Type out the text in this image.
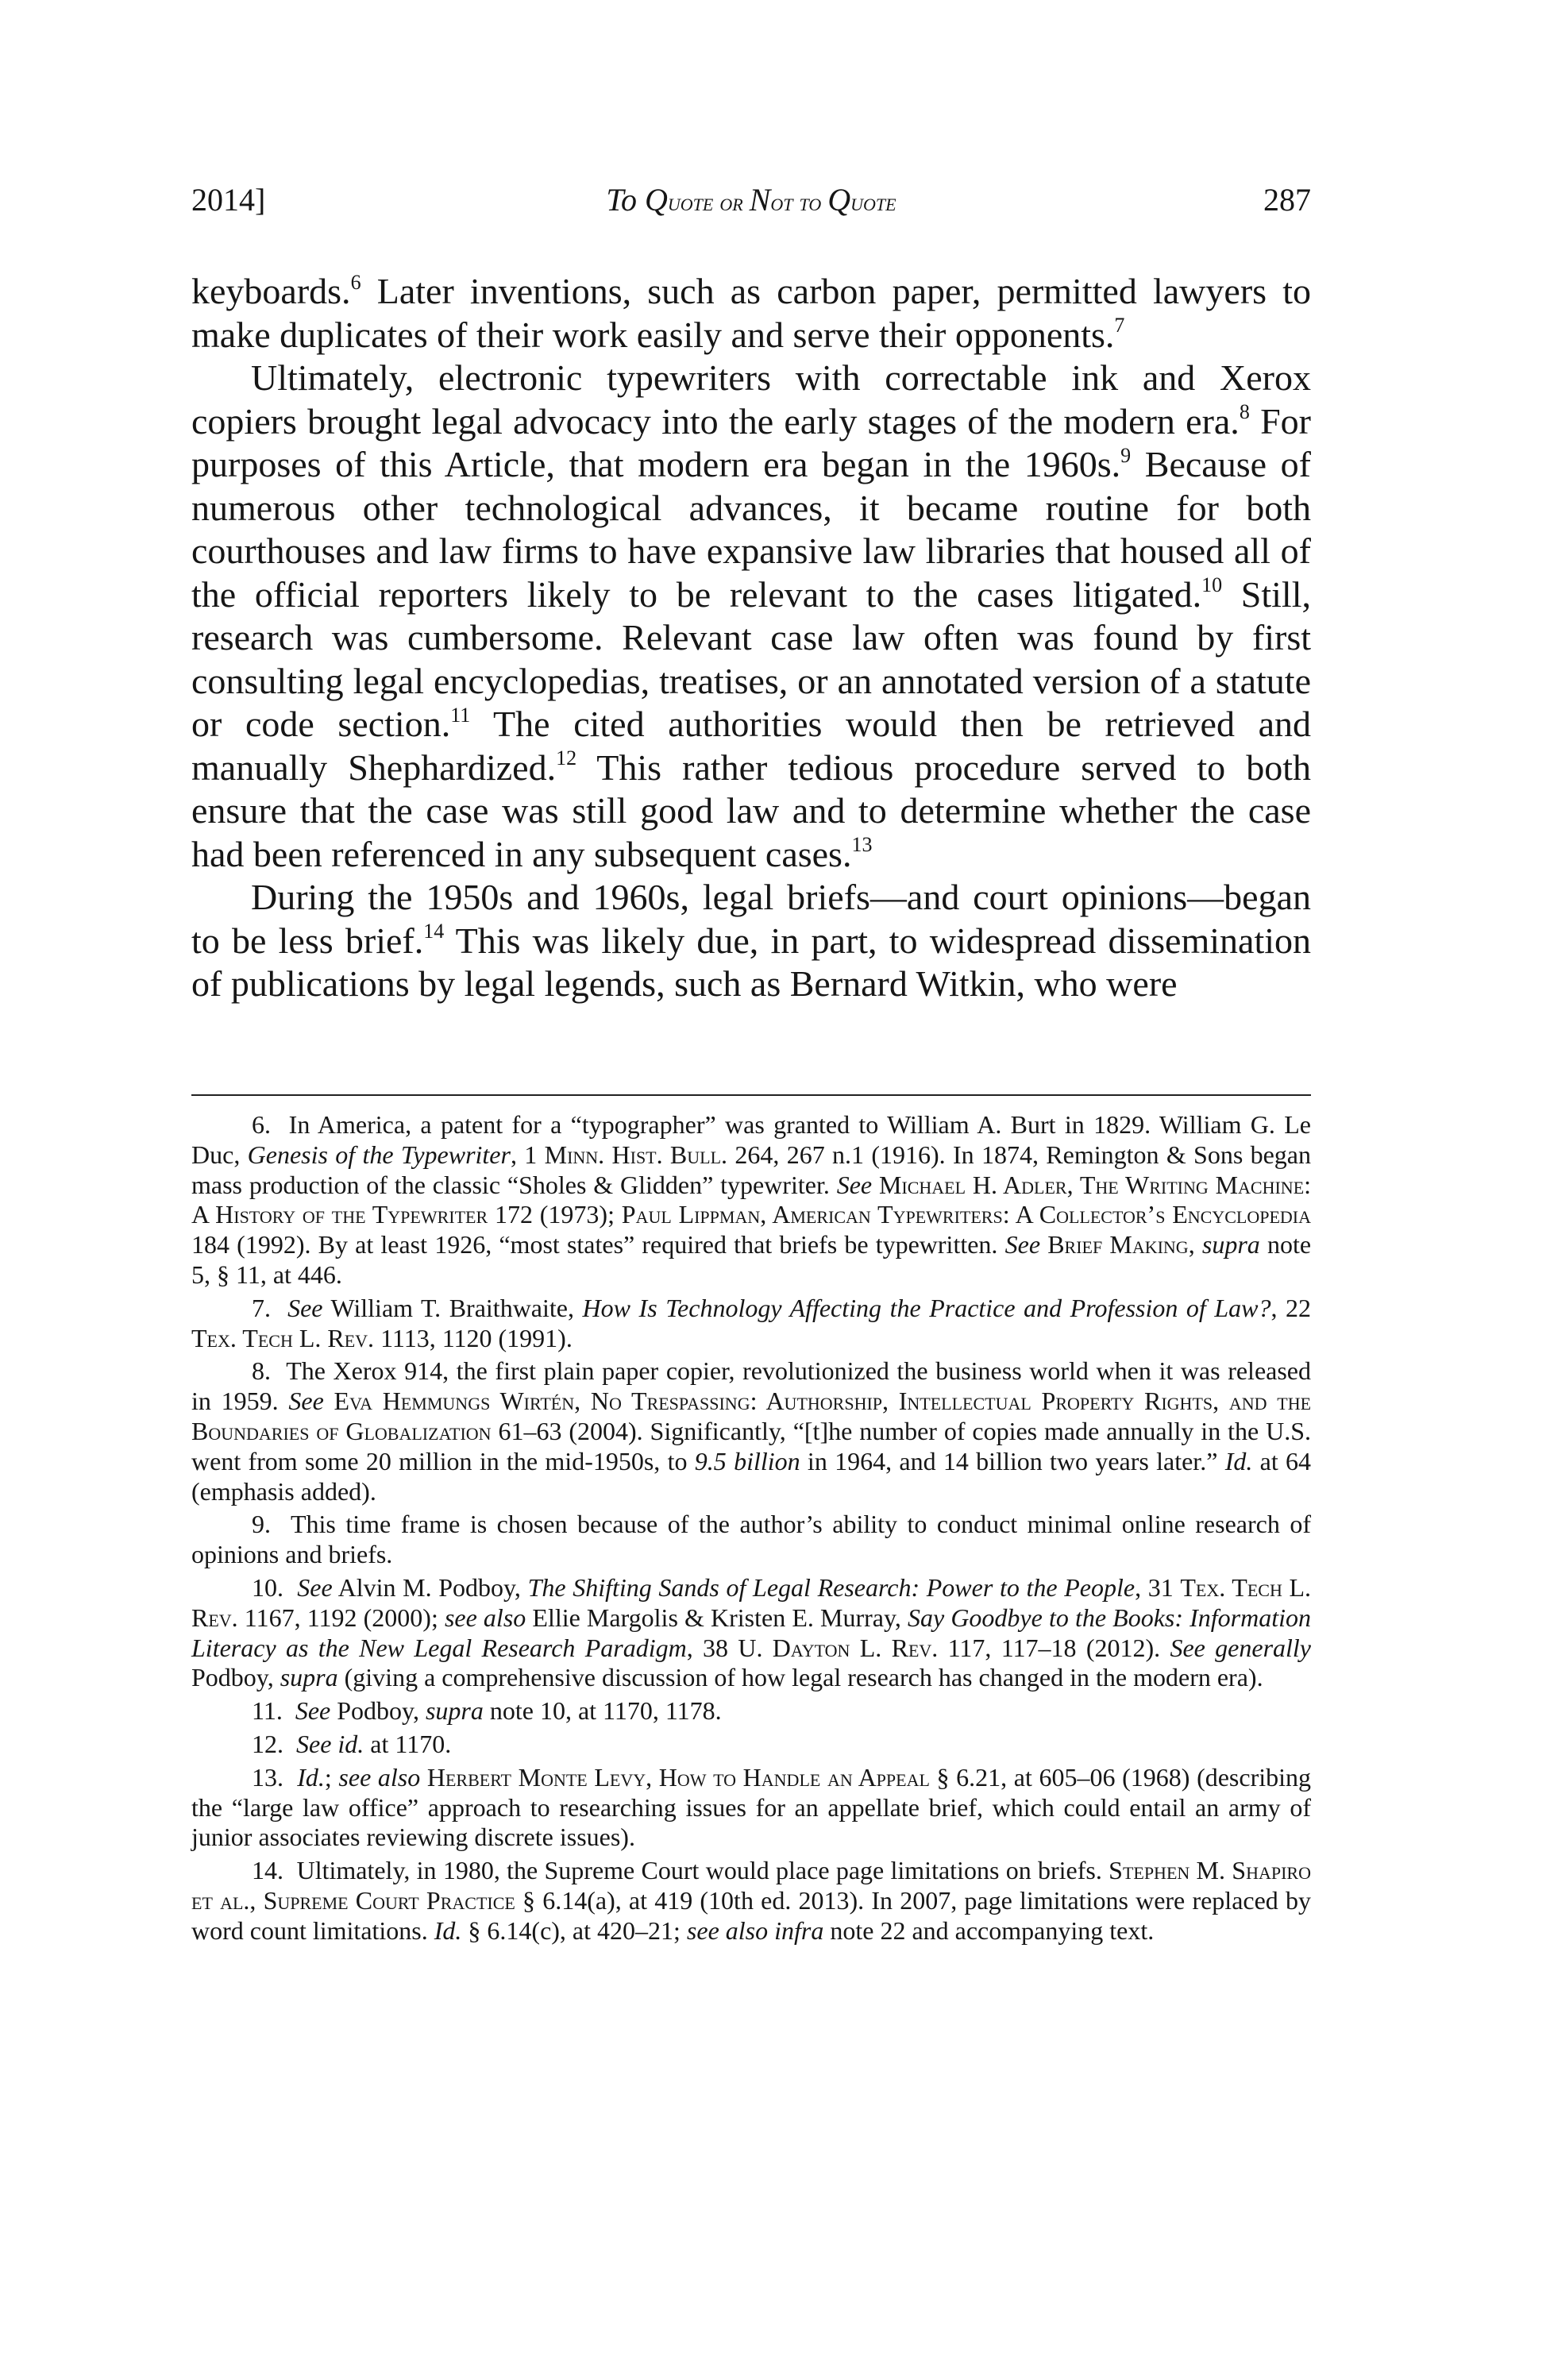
2014]	To Quote or Not to Quote	287

keyboards.$^6$ Later inventions, such as carbon paper, permitted lawyers to make duplicates of their work easily and serve their opponents.$^7$

Ultimately, electronic typewriters with correctable ink and Xerox copiers brought legal advocacy into the early stages of the modern era.$^8$ For purposes of this Article, that modern era began in the 1960s.$^9$ Because of numerous other technological advances, it became routine for both courthouses and law firms to have expansive law libraries that housed all of the official reporters likely to be relevant to the cases litigated.$^{10}$ Still, research was cumbersome. Relevant case law often was found by first consulting legal encyclopedias, treatises, or an annotated version of a statute or code section.$^{11}$ The cited authorities would then be retrieved and manually Shephardized.$^{12}$ This rather tedious procedure served to both ensure that the case was still good law and to determine whether the case had been referenced in any subsequent cases.$^{13}$

During the 1950s and 1960s, legal briefs—and court opinions—began to be less brief.$^{14}$ This was likely due, in part, to widespread dissemination of publications by legal legends, such as Bernard Witkin, who were

6.  In America, a patent for a “typographer” was granted to William A. Burt in 1829. William G. Le Duc, Genesis of the Typewriter, 1 Minn. Hist. Bull. 264, 267 n.1 (1916). In 1874, Remington & Sons began mass production of the classic “Sholes & Glidden” typewriter. See Michael H. Adler, The Writing Machine: A History of the Typewriter 172 (1973); Paul Lippman, American Typewriters: A Collector’s Encyclopedia 184 (1992). By at least 1926, “most states” required that briefs be typewritten. See Brief Making, supra note 5, § 11, at 446.

7. See William T. Braithwaite, How Is Technology Affecting the Practice and Profession of Law?, 22 Tex. Tech L. Rev. 1113, 1120 (1991).

8.  The Xerox 914, the first plain paper copier, revolutionized the business world when it was released in 1959. See Eva Hemmungs Wirtén, No Trespassing: Authorship, Intellectual Property Rights, and the Boundaries of Globalization 61–63 (2004). Significantly, “[t]he number of copies made annually in the U.S. went from some 20 million in the mid-1950s, to 9.5 billion in 1964, and 14 billion two years later.” Id. at 64 (emphasis added).

9.  This time frame is chosen because of the author’s ability to conduct minimal online research of opinions and briefs.

10. See Alvin M. Podboy, The Shifting Sands of Legal Research: Power to the People, 31 Tex. Tech L. Rev. 1167, 1192 (2000); see also Ellie Margolis & Kristen E. Murray, Say Goodbye to the Books: Information Literacy as the New Legal Research Paradigm, 38 U. Dayton L. Rev. 117, 117–18 (2012). See generally Podboy, supra (giving a comprehensive discussion of how legal research has changed in the modern era).

11. See Podboy, supra note 10, at 1170, 1178.

12. See id. at 1170.

13. Id.; see also Herbert Monte Levy, How to Handle an Appeal § 6.21, at 605–06 (1968) (describing the “large law office” approach to researching issues for an appellate brief, which could entail an army of junior associates reviewing discrete issues).

14.  Ultimately, in 1980, the Supreme Court would place page limitations on briefs. Stephen M. Shapiro et al., Supreme Court Practice § 6.14(a), at 419 (10th ed. 2013). In 2007, page limitations were replaced by word count limitations. Id. § 6.14(c), at 420–21; see also infra note 22 and accompanying text.
